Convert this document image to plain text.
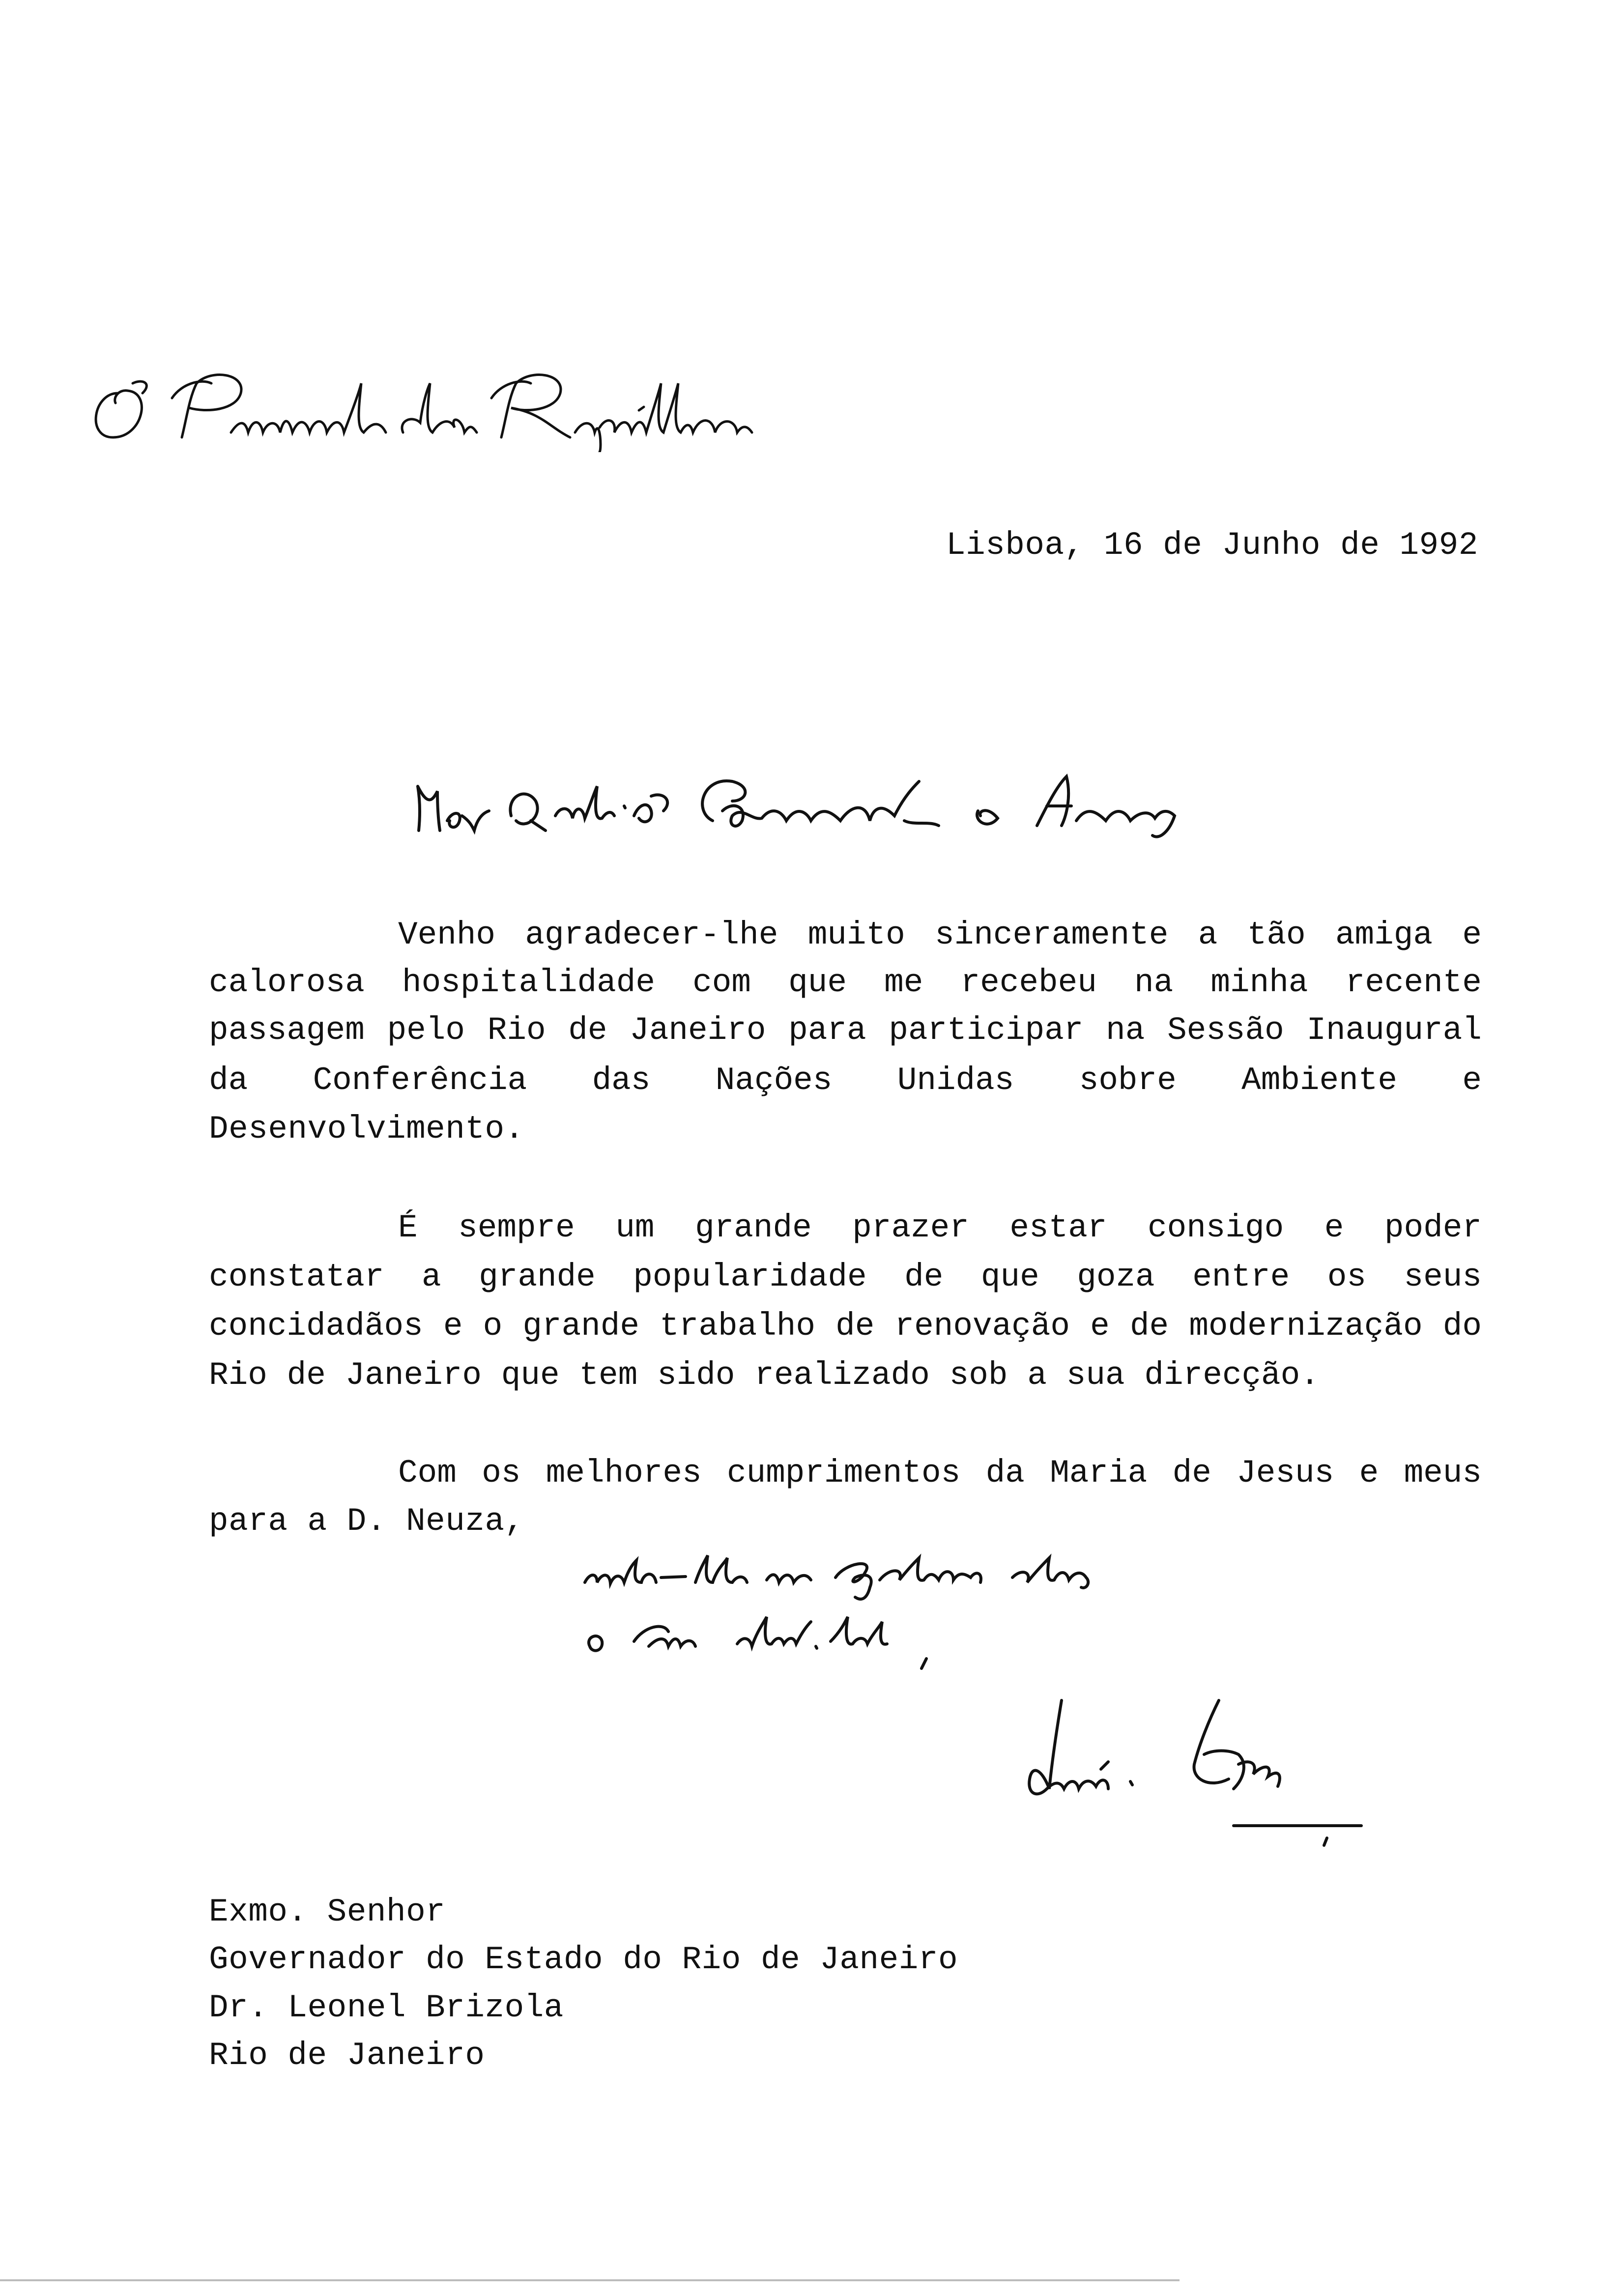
Lisboa, 16 de Junho de 1992
Venho agradecer-lhe muito sinceramente a tão amiga e
calorosa hospitalidade com que me recebeu na minha recente
passagem pelo Rio de Janeiro para participar na Sessão Inaugural
da Conferência das Nações Unidas sobre Ambiente e
Desenvolvimento.
É sempre um grande prazer estar consigo e poder
constatar a grande popularidade de que goza entre os seus
concidadãos e o grande trabalho de renovação e de modernização do
Rio de Janeiro que tem sido realizado sob a sua direcção.
Com os melhores cumprimentos da Maria de Jesus e meus
para a D. Neuza,
Exmo. Senhor
Governador do Estado do Rio de Janeiro
Dr. Leonel Brizola
Rio de Janeiro
